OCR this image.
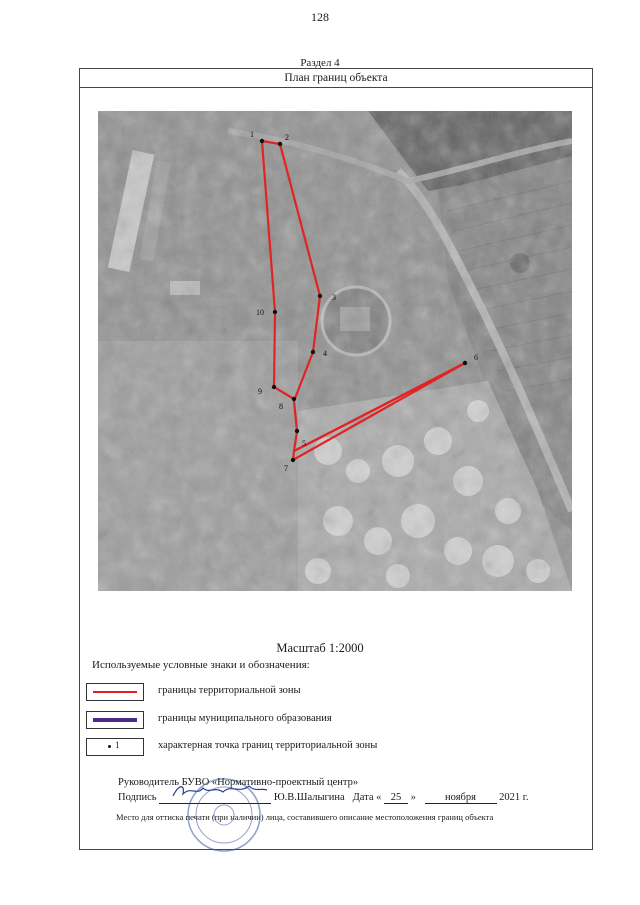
128
Раздел 4
План границ объекта
1	2
3
4
5
6
7
8
9
10
Масштаб 1:2000
Используемые условные знаки и обозначения:
границы территориальной зоны
границы муниципального образования
1	характерная точка границ территориальной зоны
Руководитель БУВО «Нормативно-проектный центр»
Подпись	Ю.В.Шалыгина Дата « 25 »	ноября 2021 г.
Место для оттиска печати (при наличии) лица, составившего описание местоположения границ объекта
